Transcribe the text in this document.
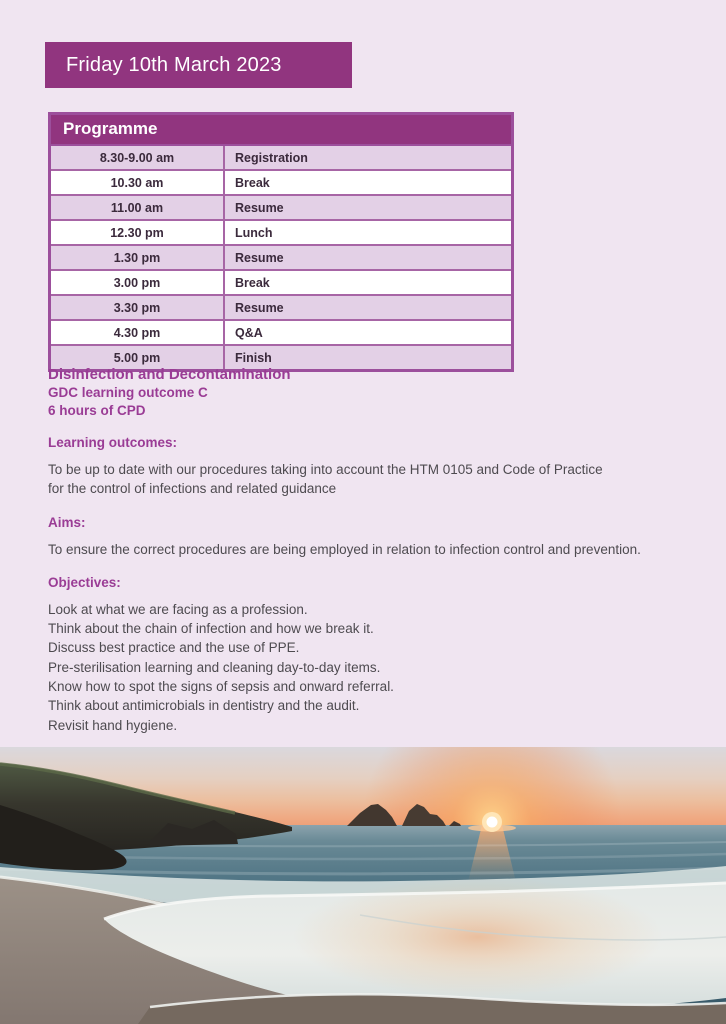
Friday 10th March 2023
Programme	
8.30-9.00 am	Registration
10.30 am	Break
11.00 am	Resume
12.30 pm	Lunch
1.30 pm	Resume
3.00 pm	Break
3.30 pm	Resume
4.30 pm	Q&A
5.00 pm	Finish
Disinfection and Decontamination
GDC learning outcome C
6 hours of CPD
Learning outcomes:
To be up to date with our procedures taking into account the HTM 0105 and Code of Practice
for the control of infections and related guidance
Aims:
To ensure the correct procedures are being employed in relation to infection control and prevention.
Objectives:
Look at what we are facing as a profession.
Think about the chain of infection and how we break it.
Discuss best practice and the use of PPE.
Pre-sterilisation learning and cleaning day-to-day items.
Know how to spot the signs of sepsis and onward referral.
Think about antimicrobials in dentistry and the audit.
Revisit hand hygiene.
